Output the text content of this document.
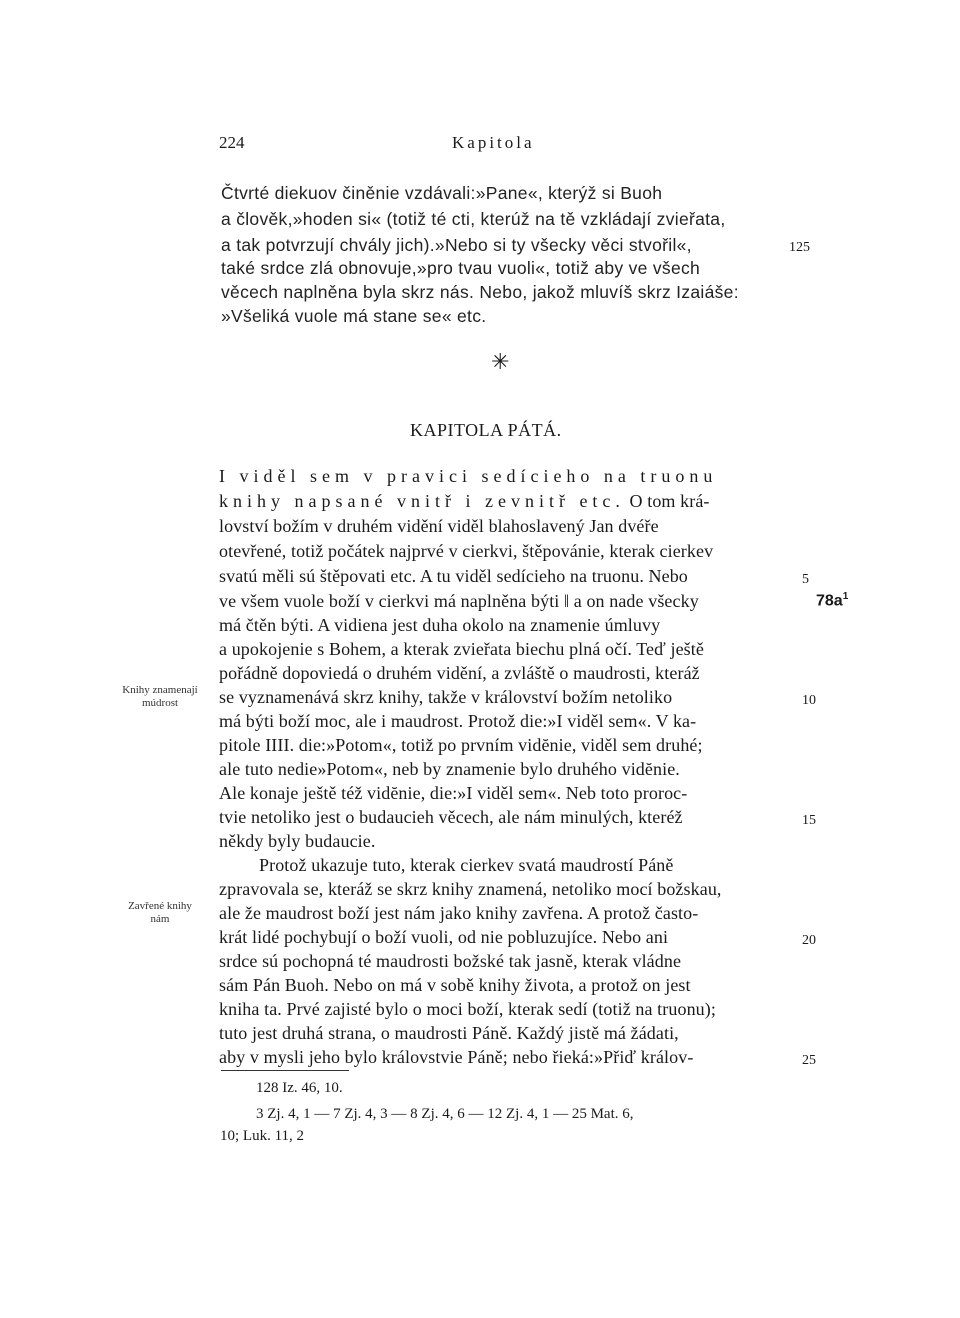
224	Kapitola
Čtvrté diekuov činěnie vzdávali:»Pane«, kterýž si Buoh
a člověk,»hoden si« (totiž té cti, kterúž na tě vzkládají zvieřata,
a tak potvrzují chvály jich).»Nebo si ty všecky věci stvořil«,	125
také srdce zlá obnovuje,»pro tvau vuoli«, totiž aby ve všech
věcech naplněna byla skrz nás. Nebo, jakož mluvíš skrz Izaiáše:
»Všeliká vuole má stane se« etc.
✳
KAPITOLA PÁTÁ.
I viděl sem v pravici sedícieho na truonu
knihy napsané vnitř i zevnitř etc. O tom krá-
lovství božím v druhém vidění viděl blahoslavený Jan dvéře
otevřené, totiž počátek najprvé v cierkvi, štěpovánie, kterak cierkev
svatú měli sú štěpovati etc. A tu viděl sedícieho na truonu. Nebo	5
ve všem vuole boží v cierkvi má naplněna býti ‖ a on nade všecky	$78a^1$
má čtěn býti. A vidiena jest duha okolo na znamenie úmluvy
a upokojenie s Bohem, a kterak zvieřata biechu plná očí. Teď ještě
pořádně dopoviedá o druhém vidění, a zvláště o maudrosti, kteráž
se vyznamenává skrz knihy, takže v království božím netoliko	10
má býti boží moc, ale i maudrost. Protož die:»I viděl sem«. V ka-
pitole IIII. die:»Potom«, totiž po prvním vidĕnie, viděl sem druhé;
ale tuto nedie»Potom«, neb by znamenie bylo druhého vidĕnie.
Ale konaje ještě též vidĕnie, die:»I viděl sem«. Neb toto proroc-
tvie netoliko jest o budaucieh věcech, ale nám minulých, kteréž	15
někdy byly budaucie.
Protož ukazuje tuto, kterak cierkev svatá maudrostí Páně
zpravovala se, kteráž se skrz knihy znamená, netoliko mocí božskau,
ale že maudrost boží jest nám jako knihy zavřena. A protož často-
krát lidé pochybují o boží vuoli, od nie pobluzujíce. Nebo ani	20
srdce sú pochopná té maudrosti božské tak jasně, kterak vládne
sám Pán Buoh. Nebo on má v sobě knihy života, a protož on jest
kniha ta. Prvé zajisté bylo o moci boží, kterak sedí (totiž na truonu);
tuto jest druhá strana, o maudrosti Páně. Každý jistě má žádati,
aby v mysli jeho bylo královstvie Páně; nebo řieká:»Přiď králov-	25
Knihy znamenají
múdrost
Zavřené knihy
nám
128 Iz. 46, 10.
3 Zj. 4, 1 — 7 Zj. 4, 3 — 8 Zj. 4, 6 — 12 Zj. 4, 1 — 25 Mat. 6,
10; Luk. 11, 2
